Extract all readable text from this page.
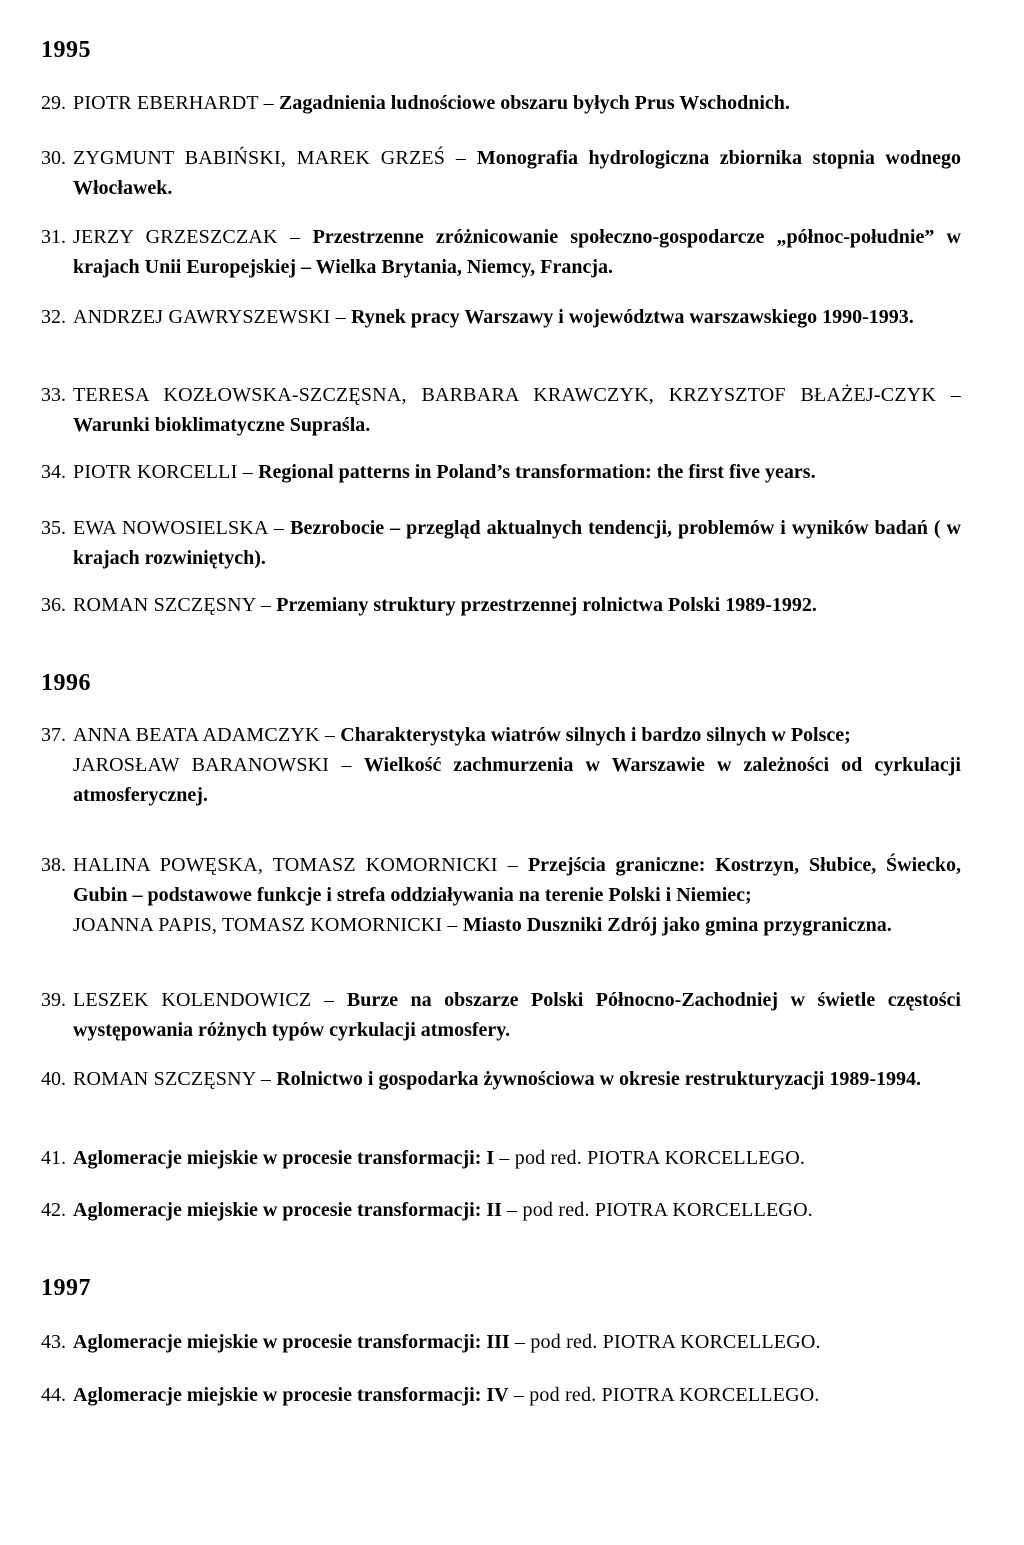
1995
29. PIOTR EBERHARDT – Zagadnienia ludnościowe obszaru byłych Prus Wschodnich.
30. ZYGMUNT BABIŃSKI, MAREK GRZEŚ – Monografia hydrologiczna zbiornika stopnia wodnego Włocławek.
31. JERZY GRZESZCZAK – Przestrzenne zróżnicowanie społeczno-gospodarcze „północ-południe” w krajach Unii Europejskiej – Wielka Brytania, Niemcy, Francja.
32. ANDRZEJ GAWRYSZEWSKI – Rynek pracy Warszawy i województwa warszawskiego 1990-1993.
33. TERESA KOZŁOWSKA-SZCZĘSNA, BARBARA KRAWCZYK, KRZYSZTOF BŁAŻEJ-CZYK – Warunki bioklimatyczne Supraśla.
34. PIOTR KORCELLI – Regional patterns in Poland’s transformation: the first five years.
35. EWA NOWOSIELSKA – Bezrobocie – przegląd aktualnych tendencji, problemów i wyników badań ( w krajach rozwiniętych).
36. ROMAN SZCZĘSNY – Przemiany struktury przestrzennej rolnictwa Polski 1989-1992.
1996
37. ANNA BEATA ADAMCZYK – Charakterystyka wiatrów silnych i bardzo silnych w Polsce;
JAROSŁAW BARANOWSKI – Wielkość zachmurzenia w Warszawie w zależności od cyrkulacji atmosferycznej.
38. HALINA POWĘSKA, TOMASZ KOMORNICKI – Przejścia graniczne: Kostrzyn, Słubice, Świecko, Gubin – podstawowe funkcje i strefa oddziaływania na terenie Polski i Niemiec;
JOANNA PAPIS, TOMASZ KOMORNICKI – Miasto Duszniki Zdrój jako gmina przygraniczna.
39. LESZEK KOLENDOWICZ – Burze na obszarze Polski Północno-Zachodniej w świetle częstości występowania różnych typów cyrkulacji atmosfery.
40. ROMAN SZCZĘSNY – Rolnictwo i gospodarka żywnościowa w okresie restrukturyzacji 1989-1994.
41. Aglomeracje miejskie w procesie transformacji: I – pod red. PIOTRA KORCELLEGO.
42. Aglomeracje miejskie w procesie transformacji: II – pod red. PIOTRA KORCELLEGO.
1997
43. Aglomeracje miejskie w procesie transformacji: III – pod red. PIOTRA KORCELLEGO.
44. Aglomeracje miejskie w procesie transformacji: IV – pod red. PIOTRA KORCELLEGO.
